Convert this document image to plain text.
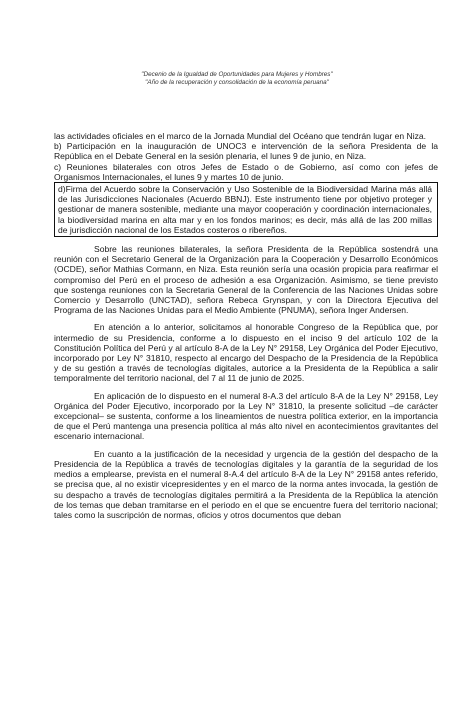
"Decenio de la Igualdad de Oportunidades para Mujeres y Hombres"
"Año de la recuperación y consolidación de la economía peruana"

las actividades oficiales en el marco de la Jornada Mundial del Océano que tendrán lugar en Niza.

b) Participación en la inauguración de UNOC3 e intervención de la señora Presidenta de la República en el Debate General en la sesión plenaria, el lunes 9 de junio, en Niza.

c) Reuniones bilaterales con otros Jefes de Estado o de Gobierno, así como con jefes de Organismos Internacionales, el lunes 9 y martes 10 de junio.

d)Firma del Acuerdo sobre la Conservación y Uso Sostenible de la Biodiversidad Marina más allá de las Jurisdicciones Nacionales (Acuerdo BBNJ). Este instrumento tiene por objetivo proteger y gestionar de manera sostenible, mediante una mayor cooperación y coordinación internacionales, la biodiversidad marina en alta mar y en los fondos marinos; es decir, más allá de las 200 millas de jurisdicción nacional de los Estados costeros o ribereños.

Sobre las reuniones bilaterales, la señora Presidenta de la República sostendrá una reunión con el Secretario General de la Organización para la Cooperación y Desarrollo Económicos (OCDE), señor Mathias Cormann, en Niza. Esta reunión sería una ocasión propicia para reafirmar el compromiso del Perú en el proceso de adhesión a esa Organización. Asimismo, se tiene previsto que sostenga reuniones con la Secretaria General de la Conferencia de las Naciones Unidas sobre Comercio y Desarrollo (UNCTAD), señora Rebeca Grynspan, y con la Directora Ejecutiva del Programa de las Naciones Unidas para el Medio Ambiente (PNUMA), señora Inger Andersen.

En atención a lo anterior, solicitamos al honorable Congreso de la República que, por intermedio de su Presidencia, conforme a lo dispuesto en el inciso 9 del artículo 102 de la Constitución Política del Perú y al artículo 8-A de la Ley N° 29158, Ley Orgánica del Poder Ejecutivo, incorporado por Ley N° 31810, respecto al encargo del Despacho de la Presidencia de la República y de su gestión a través de tecnologías digitales, autorice a la Presidenta de la República a salir temporalmente del territorio nacional, del 7 al 11 de junio de 2025.

En aplicación de lo dispuesto en el numeral 8-A.3 del artículo 8-A de la Ley N° 29158, Ley Orgánica del Poder Ejecutivo, incorporado por la Ley N° 31810, la presente solicitud –de carácter excepcional– se sustenta, conforme a los lineamientos de nuestra política exterior, en la importancia de que el Perú mantenga una presencia política al más alto nivel en acontecimientos gravitantes del escenario internacional.

En cuanto a la justificación de la necesidad y urgencia de la gestión del despacho de la Presidencia de la República a través de tecnologías digitales y la garantía de la seguridad de los medios a emplearse, prevista en el numeral 8-A.4 del artículo 8-A de la Ley N° 29158 antes referido, se precisa que, al no existir vicepresidentes y en el marco de la norma antes invocada, la gestión de su despacho a través de tecnologías digitales permitirá a la Presidenta de la República la atención de los temas que deban tramitarse en el periodo en el que se encuentre fuera del territorio nacional; tales como la suscripción de normas, oficios y otros documentos que deban
